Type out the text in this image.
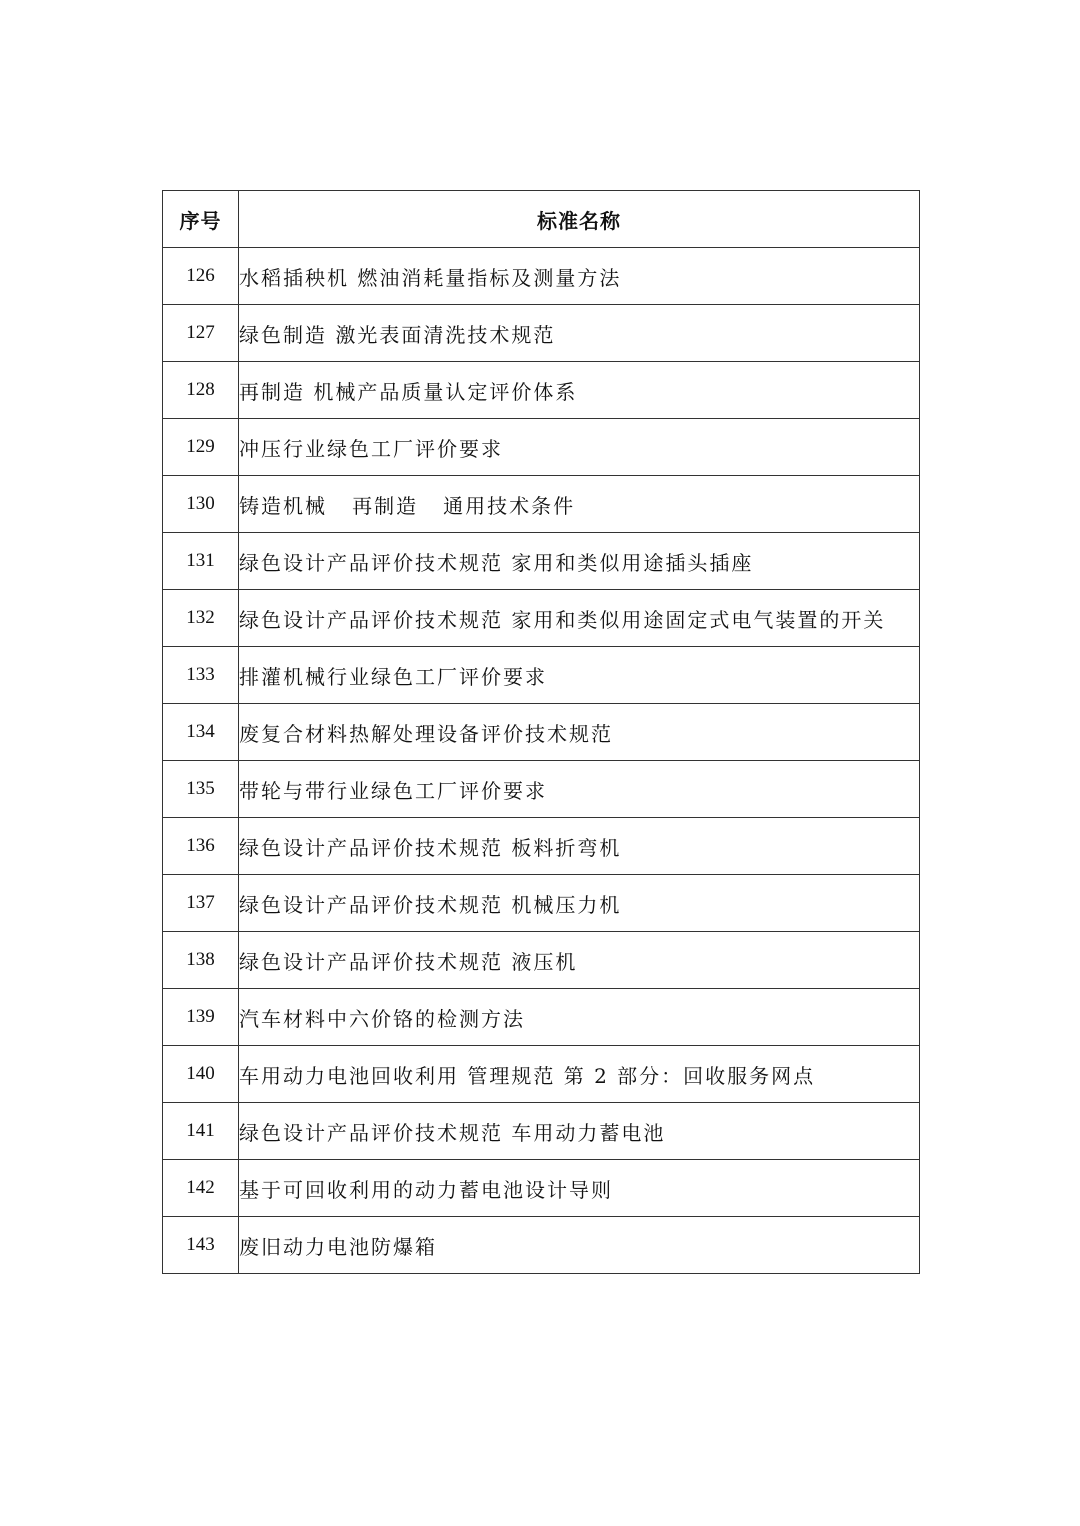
序号	标准名称
126	水稻插秧机 燃油消耗量指标及测量方法
127	绿色制造 激光表面清洗技术规范
128	再制造 机械产品质量认定评价体系
129	冲压行业绿色工厂评价要求
130	铸造机械   再制造   通用技术条件
131	绿色设计产品评价技术规范 家用和类似用途插头插座
132	绿色设计产品评价技术规范 家用和类似用途固定式电气装置的开关
133	排灌机械行业绿色工厂评价要求
134	废复合材料热解处理设备评价技术规范
135	带轮与带行业绿色工厂评价要求
136	绿色设计产品评价技术规范 板料折弯机
137	绿色设计产品评价技术规范 机械压力机
138	绿色设计产品评价技术规范 液压机
139	汽车材料中六价铬的检测方法
140	车用动力电池回收利用 管理规范 第 2 部分：回收服务网点
141	绿色设计产品评价技术规范 车用动力蓄电池
142	基于可回收利用的动力蓄电池设计导则
143	废旧动力电池防爆箱
